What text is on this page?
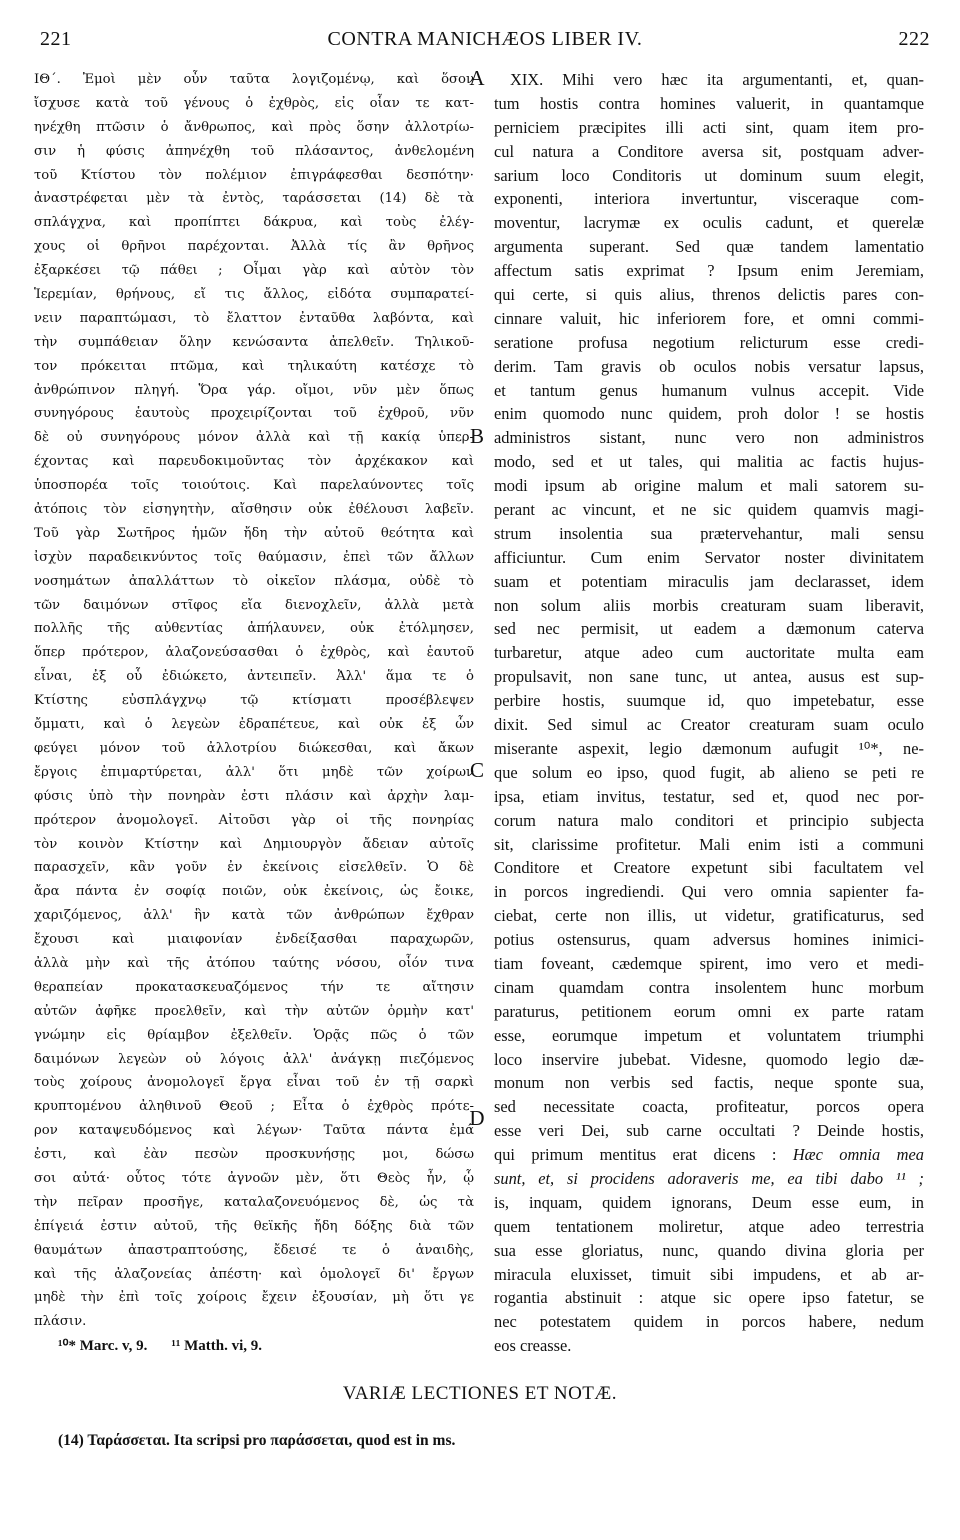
221	CONTRA MANICHÆOS LIBER IV.	222
ΙΘ΄. Ἐμοὶ μὲν οὖν ταῦτα λογιζομένῳ, καὶ ὅσον
ἴσχυσε κατὰ τοῦ γένους ὁ ἐχθρὸς, εἰς οἷαν τε κατ-
ηνέχθη πτῶσιν ὁ ἄνθρωπος, καὶ πρὸς ὅσην ἀλλοτρίω-
σιν ἡ φύσις ἀπηνέχθη τοῦ πλάσαντος, ἀνθελομένη
τοῦ Κτίστου τὸν πολέμιον ἐπιγράφεσθαι δεσπότην·
ἀναστρέφεται μὲν τὰ ἐντὸς, ταράσσεται (14) δὲ τὰ
σπλάγχνα, καὶ προπίπτει δάκρυα, καὶ τοὺς ἐλέγ-
χους οἱ θρῆνοι παρέχονται. Ἀλλὰ τίς ἂν θρῆνος
ἐξαρκέσει τῷ πάθει ; Οἶμαι γὰρ καὶ αὐτὸν τὸν
Ἱερεμίαν, θρήνους, εἴ τις ἄλλος, εἰδότα συμπαρατεί-
νειν παραπτώμασι, τὸ ἔλαττον ἐνταῦθα λαβόντα, καὶ
τὴν συμπάθειαν ὅλην κενώσαντα ἀπελθεῖν. Τηλικοῦ-
τον πρόκειται πτῶμα, καὶ τηλικαύτη κατέσχε τὸ
ἀνθρώπινον πληγή. Ὅρα γάρ. οἴμοι, νῦν μὲν ὅπως
συνηγόρους ἑαυτοὺς προχειρίζονται τοῦ ἐχθροῦ, νῦν
δὲ οὐ συνηγόρους μόνον ἀλλὰ καὶ τῇ κακίᾳ ὑπερ-
έχοντας καὶ παρευδοκιμοῦντας τὸν ἀρχέκακον καὶ
ὑποσπορέα τοῖς τοιούτοις. Καὶ παρελαύνοντες τοῖς
ἀτόποις τὸν εἰσηγητὴν, αἴσθησιν οὐκ ἐθέλουσι λαβεῖν.
Τοῦ γὰρ Σωτῆρος ἡμῶν ἤδη τὴν αὐτοῦ θεότητα καὶ
ἰσχὺν παραδεικνύντος τοῖς θαύμασιν, ἐπεὶ τῶν ἄλλων
νοσημάτων ἀπαλλάττων τὸ οἰκεῖον πλάσμα, οὐδὲ τὸ
τῶν δαιμόνων στῖφος εἴα διενοχλεῖν, ἀλλὰ μετὰ
πολλῆς τῆς αὐθεντίας ἀπήλαυνεν, οὐκ ἐτόλμησεν,
ὅπερ πρότερον, ἀλαζονεύσασθαι ὁ ἐχθρὸς, καὶ ἑαυτοῦ
εἶναι, ἐξ οὗ ἐδιώκετο, ἀντειπεῖν. Ἀλλ' ἅμα τε ὁ
Κτίστης εὐσπλάγχνῳ τῷ κτίσματι προσέβλεψεν
ὄμματι, καὶ ὁ λεγεὼν ἐδραπέτευε, καὶ οὐκ ἐξ ὧν
φεύγει μόνον τοῦ ἀλλοτρίου διώκεσθαι, καὶ ἄκων
ἔργοις ἐπιμαρτύρεται, ἀλλ' ὅτι μηδὲ τῶν χοίρων
φύσις ὑπὸ τὴν πονηρὰν ἐστι πλάσιν καὶ ἀρχὴν λαμ-
πρότερον ἀνομολογεῖ. Αἰτοῦσι γὰρ οἱ τῆς πονηρίας
τὸν κοινὸν Κτίστην καὶ Δημιουργὸν ἄδειαν αὐτοῖς
παρασχεῖν, κἂν γοῦν ἐν ἐκείνοις εἰσελθεῖν. Ὁ δὲ
ἄρα πάντα ἐν σοφίᾳ ποιῶν, οὐκ ἐκείνοις, ὡς ἔοικε,
χαριζόμενος, ἀλλ' ἣν κατὰ τῶν ἀνθρώπων ἔχθραν
ἔχουσι καὶ μιαιφονίαν ἐνδείξασθαι παραχωρῶν,
ἀλλὰ μὴν καὶ τῆς ἀτόπου ταύτης νόσου, οἷόν τινα
θεραπείαν προκατασκευαζόμενος τήν τε αἴτησιν
αὐτῶν ἀφῆκε προελθεῖν, καὶ τὴν αὐτῶν ὁρμὴν κατ'
γνώμην εἰς θρίαμβον ἐξελθεῖν. Ὁρᾷς πῶς ὁ τῶν
δαιμόνων λεγεὼν οὐ λόγοις ἀλλ' ἀνάγκῃ πιεζόμενος
τοὺς χοίρους ἀνομολογεῖ ἔργα εἶναι τοῦ ἐν τῇ σαρκὶ
κρυπτομένου ἀληθινοῦ Θεοῦ ; Εἶτα ὁ ἐχθρὸς πρότε-
ρον καταψευδόμενος καὶ λέγων· Ταῦτα πάντα ἐμά
ἐστι, καὶ ἐὰν πεσὼν προσκυνήσῃς μοι, δώσω
σοι αὐτά· οὗτος τότε ἀγνοῶν μὲν, ὅτι Θεὸς ἦν, ᾧ
τὴν πεῖραν προσῆγε, καταλαζονευόμενος δὲ, ὡς τὰ
ἐπίγειά ἐστιν αὐτοῦ, τῆς θεϊκῆς ἤδη δόξης διὰ τῶν
θαυμάτων ἀπαστραπτούσης, ἔδεισέ τε ὁ ἀναιδὴς,
καὶ τῆς ἀλαζονείας ἀπέστη· καὶ ὁμολογεῖ δι' ἔργων
μηδὲ τὴν ἐπὶ τοῖς χοίροις ἔχειν ἐξουσίαν, μὴ ὅτι γε
πλάσιν.
XIX. Mihi vero hæc ita argumentanti, et, quan-
tum hostis contra homines valuerit, in quantamque
perniciem præcipites illi acti sint, quam item pro-
cul natura a Conditore aversa sit, postquam adver-
sarium loco Conditoris ut dominum suum elegit,
exponenti, interiora invertuntur, visceraque com-
moventur, lacrymæ ex oculis cadunt, et querelæ
argumenta superant. Sed quæ tandem lamentatio
affectum satis exprimat ? Ipsum enim Jeremiam,
qui certe, si quis alius, threnos delictis pares con-
cinnare valuit, hic inferiorem fore, et omni commi-
seratione profusa negotium relicturum esse credi-
derim. Tam gravis ob oculos nobis versatur lapsus,
et tantum genus humanum vulnus accepit. Vide
enim quomodo nunc quidem, proh dolor ! se hostis
administros sistant, nunc vero non administros
modo, sed et ut tales, qui malitia ac factis hujus-
modi ipsum ab origine malum et mali satorem su-
perant ac vincunt, et ne sic quidem quamvis magi-
strum insolentia sua prætervehantur, mali sensu
afficiuntur. Cum enim Servator noster divinitatem
suam et potentiam miraculis jam declarasset, idem
non solum aliis morbis creaturam suam liberavit,
sed nec permisit, ut eadem a dæmonum caterva
turbaretur, atque adeo cum auctoritate multa eam
propulsavit, non sane tunc, ut antea, ausus est sup-
perbire hostis, suumque id, quo impetebatur, esse
dixit. Sed simul ac Creator creaturam suam oculo
miserante aspexit, legio dæmonum aufugit ¹⁰*, ne-
que solum eo ipso, quod fugit, ab alieno se peti re
ipsa, etiam invitus, testatur, sed et, quod nec por-
corum natura malo conditori et principio subjecta
sit, clarissime profitetur. Mali enim isti a communi
Conditore et Creatore expetunt sibi facultatem vel
in porcos ingrediendi. Qui vero omnia sapienter fa-
ciebat, certe non illis, ut videtur, gratificaturus, sed
potius ostensurus, quam adversus homines inimici-
tiam foveant, cædemque spirent, imo vero et medi-
cinam quamdam contra insolentem hunc morbum
paraturus, petitionem eorum omni ex parte ratam
esse, eorumque impetum et voluntatem triumphi
loco inservire jubebat. Videsne, quomodo legio dæ-
monum non verbis sed factis, neque sponte sua,
sed necessitate coacta, profiteatur, porcos opera
esse veri Dei, sub carne occultati ? Deinde hostis,
qui primum mentitus erat dicens : Hæc omnia mea
sunt, et, si procidens adoraveris me, ea tibi dabo ¹¹ ;
is, inquam, quidem ignorans, Deum esse eum, in
quem tentationem moliretur, atque adeo terrestria
sua esse gloriatus, nunc, quando divina gloria per
miracula eluxisset, timuit sibi impudens, et ab ar-
rogantia abstinuit : atque sic opere ipso fatetur, se
nec potestatem quidem in porcos habere, nedum
eos creasse.
A
B
C
D
¹⁰* Marc. v, 9. ¹¹ Matth. vi, 9.
VARIÆ LECTIONES ET NOTÆ.
(14) Ταράσσεται. Ita scripsi pro παράσσεται, quod est in ms.
